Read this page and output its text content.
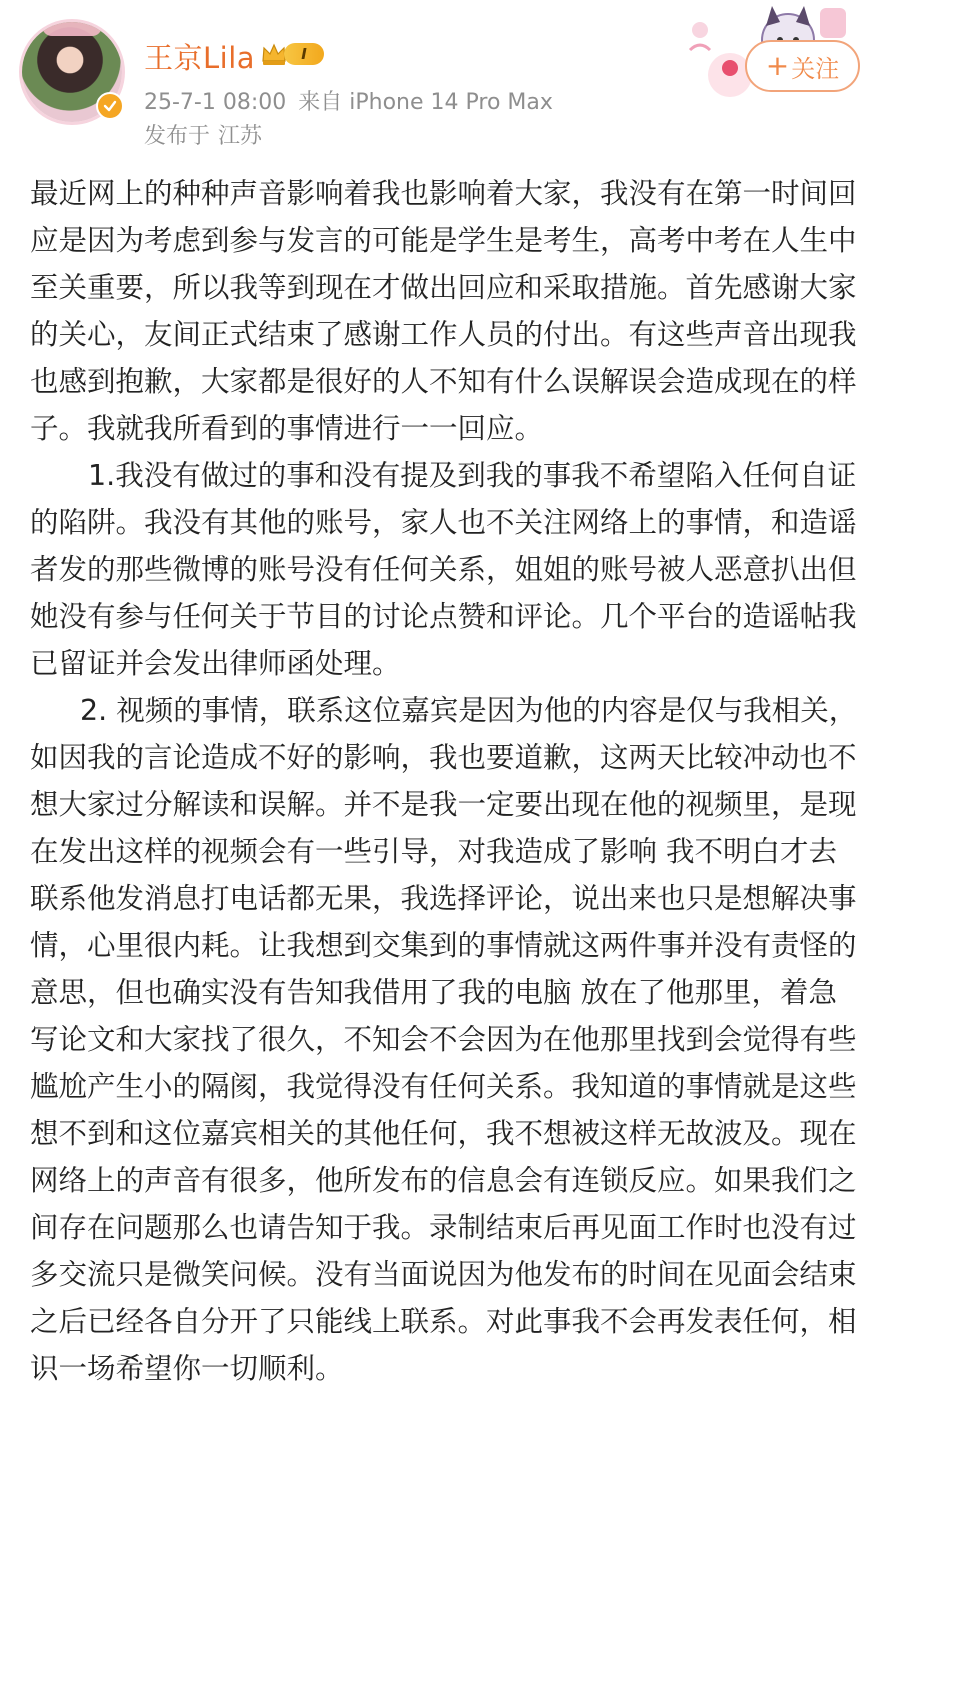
王京Lila	I
25-7-1 08:00 来自 iPhone 14 Pro Max
发布于 江苏
+ 关注

最近网上的种种声音影响着我也影响着大家，我没有在第一时间回应是因为考虑到参与发言的可能是学生是考生，高考中考在人生中至关重要，所以我等到现在才做出回应和采取措施。首先感谢大家的关心，友间正式结束了感谢工作人员的付出。有这些声音出现我也感到抱歉，大家都是很好的人不知有什么误解误会造成现在的样子。我就我所看到的事情进行一一回应。

1.我没有做过的事和没有提及到我的事我不希望陷入任何自证的陷阱。我没有其他的账号，家人也不关注网络上的事情，和造谣者发的那些微博的账号没有任何关系，姐姐的账号被人恶意扒出但她没有参与任何关于节目的讨论点赞和评论。几个平台的造谣帖我已留证并会发出律师函处理。

2. 视频的事情，联系这位嘉宾是因为他的内容是仅与我相关，如因我的言论造成不好的影响，我也要道歉，这两天比较冲动也不想大家过分解读和误解。并不是我一定要出现在他的视频里，是现在发出这样的视频会有一些引导，对我造成了影响 我不明白才去联系他发消息打电话都无果，我选择评论，说出来也只是想解决事情，心里很内耗。让我想到交集到的事情就这两件事并没有责怪的意思，但也确实没有告知我借用了我的电脑 放在了他那里，着急写论文和大家找了很久，不知会不会因为在他那里找到会觉得有些尴尬产生小的隔阂，我觉得没有任何关系。我知道的事情就是这些想不到和这位嘉宾相关的其他任何，我不想被这样无故波及。现在网络上的声音有很多，他所发布的信息会有连锁反应。如果我们之间存在问题那么也请告知于我。录制结束后再见面工作时也没有过多交流只是微笑问候。没有当面说因为他发布的时间在见面会结束之后已经各自分开了只能线上联系。对此事我不会再发表任何，相识一场希望你一切顺利。
